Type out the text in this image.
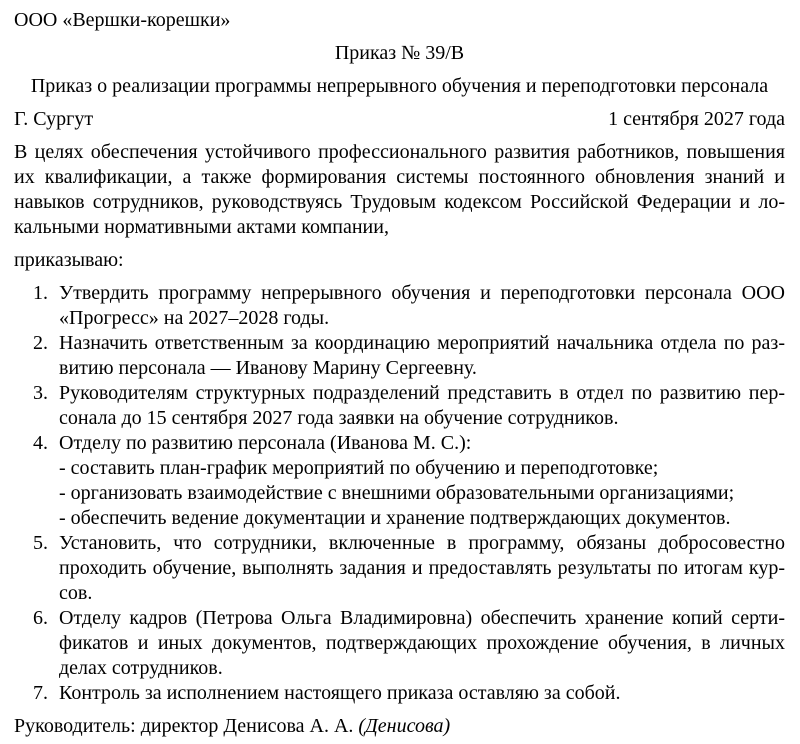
ООО «Вершки-корешки»
Приказ № 39/В
Приказ о реализации программы непрерывного обучения и переподготовки персонала
Г. Сургут	1 сентября 2027 года
В целях обеспечения устойчивого профессионального развития работников, повышения их квалификации, а также формирования системы постоянного обновления знаний и навыков сотрудников, руководствуясь Трудовым кодексом Российской Федерации и локальными нормативными актами компании,
приказываю:
1. Утвердить программу непрерывного обучения и переподготовки персонала ООО «Прогресс» на 2027–2028 годы.
2. Назначить ответственным за координацию мероприятий начальника отдела по развитию персонала — Иванову Марину Сергеевну.
3. Руководителям структурных подразделений представить в отдел по развитию персонала до 15 сентября 2027 года заявки на обучение сотрудников.
4. Отделу по развитию персонала (Иванова М. С.):
- составить план-график мероприятий по обучению и переподготовке;
- организовать взаимодействие с внешними образовательными организациями;
- обеспечить ведение документации и хранение подтверждающих документов.
5. Установить, что сотрудники, включенные в программу, обязаны добросовестно проходить обучение, выполнять задания и предоставлять результаты по итогам курсов.
6. Отделу кадров (Петрова Ольга Владимировна) обеспечить хранение копий сертификатов и иных документов, подтверждающих прохождение обучения, в личных делах сотрудников.
7. Контроль за исполнением настоящего приказа оставляю за собой.
Руководитель: директор Денисова А. А. (Денисова)
